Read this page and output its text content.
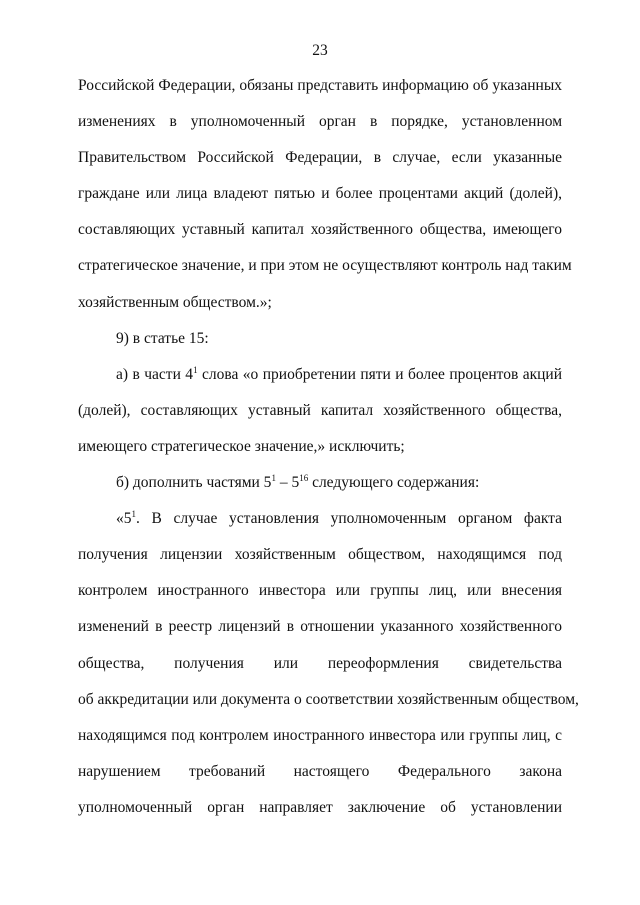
23
Российской Федерации, обязаны представить информацию об указанных
изменениях в уполномоченный орган в порядке, установленном
Правительством Российской Федерации, в случае, если указанные
граждане или лица владеют пятью и более процентами акций (долей),
составляющих уставный капитал хозяйственного общества, имеющего
стратегическое значение, и при этом не осуществляют контроль над таким
хозяйственным обществом.»;
9) в статье 15:
а) в части $4^1$ слова «о приобретении пяти и более процентов акций
(долей), составляющих уставный капитал хозяйственного общества,
имеющего стратегическое значение,» исключить;
б) дополнить частями $5^1 - 5^{16}$ следующего содержания:
«$5^1$. В случае установления уполномоченным органом факта
получения лицензии хозяйственным обществом, находящимся под
контролем иностранного инвестора или группы лиц, или внесения
изменений в реестр лицензий в отношении указанного хозяйственного
общества, получения или переоформления свидетельства
об аккредитации или документа о соответствии хозяйственным обществом,
находящимся под контролем иностранного инвестора или группы лиц, с
нарушением требований настоящего Федерального закона
уполномоченный орган направляет заключение об установлении
